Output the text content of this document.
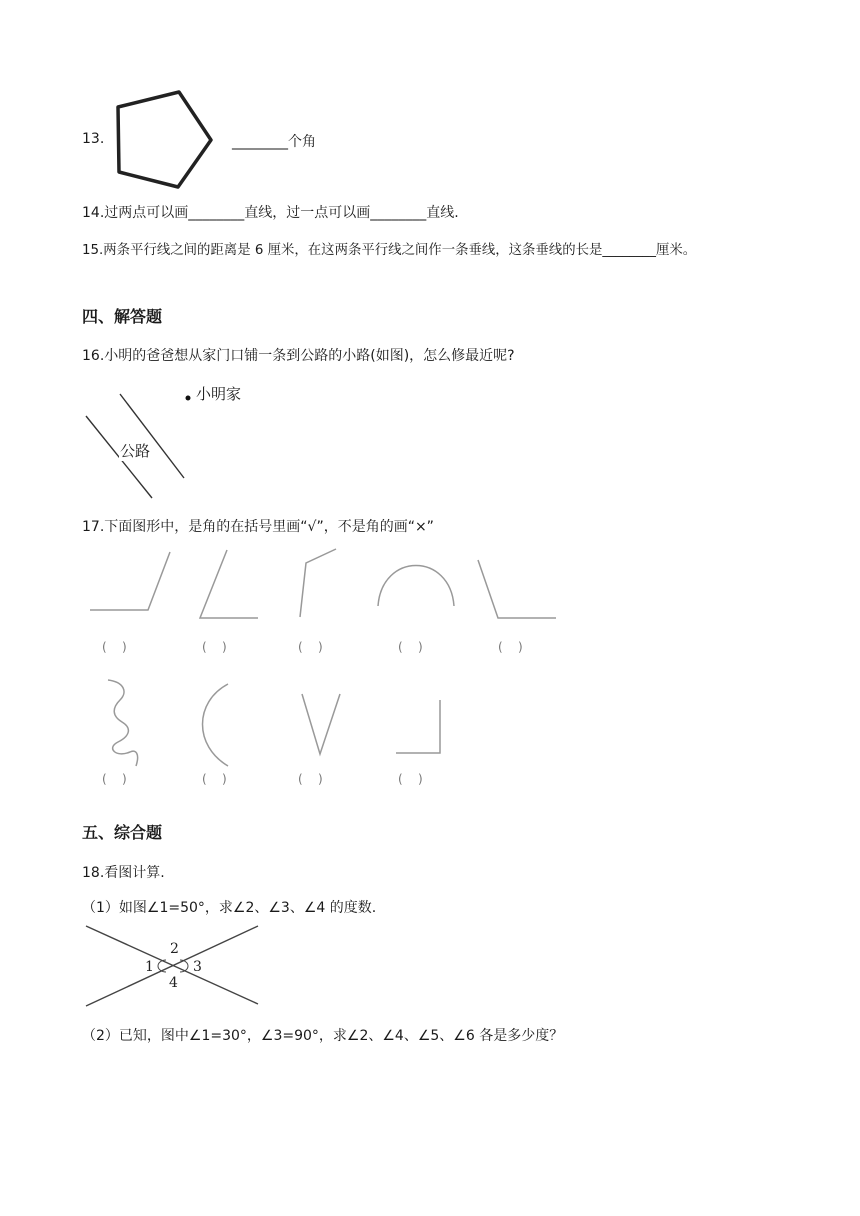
13.	________个角
14.过两点可以画________直线，过一点可以画________直线.
15.两条平行线之间的距离是 6 厘米，在这两条平行线之间作一条垂线，这条垂线的长是________厘米。
四、解答题
16.小明的爸爸想从家门口铺一条到公路的小路(如图)，怎么修最近呢?
小明家
公路
17.下面图形中，是角的在括号里画“√”，不是角的画“×”
(    )	(    )	(    )	(    )	(    )
(    )	(    )	(    )	(    )
五、综合题
18.看图计算.
（1）如图∠1=50°，求∠2、∠3、∠4 的度数.
1
2
3
4
（2）已知，图中∠1=30°，∠3=90°，求∠2、∠4、∠5、∠6 各是多少度？
